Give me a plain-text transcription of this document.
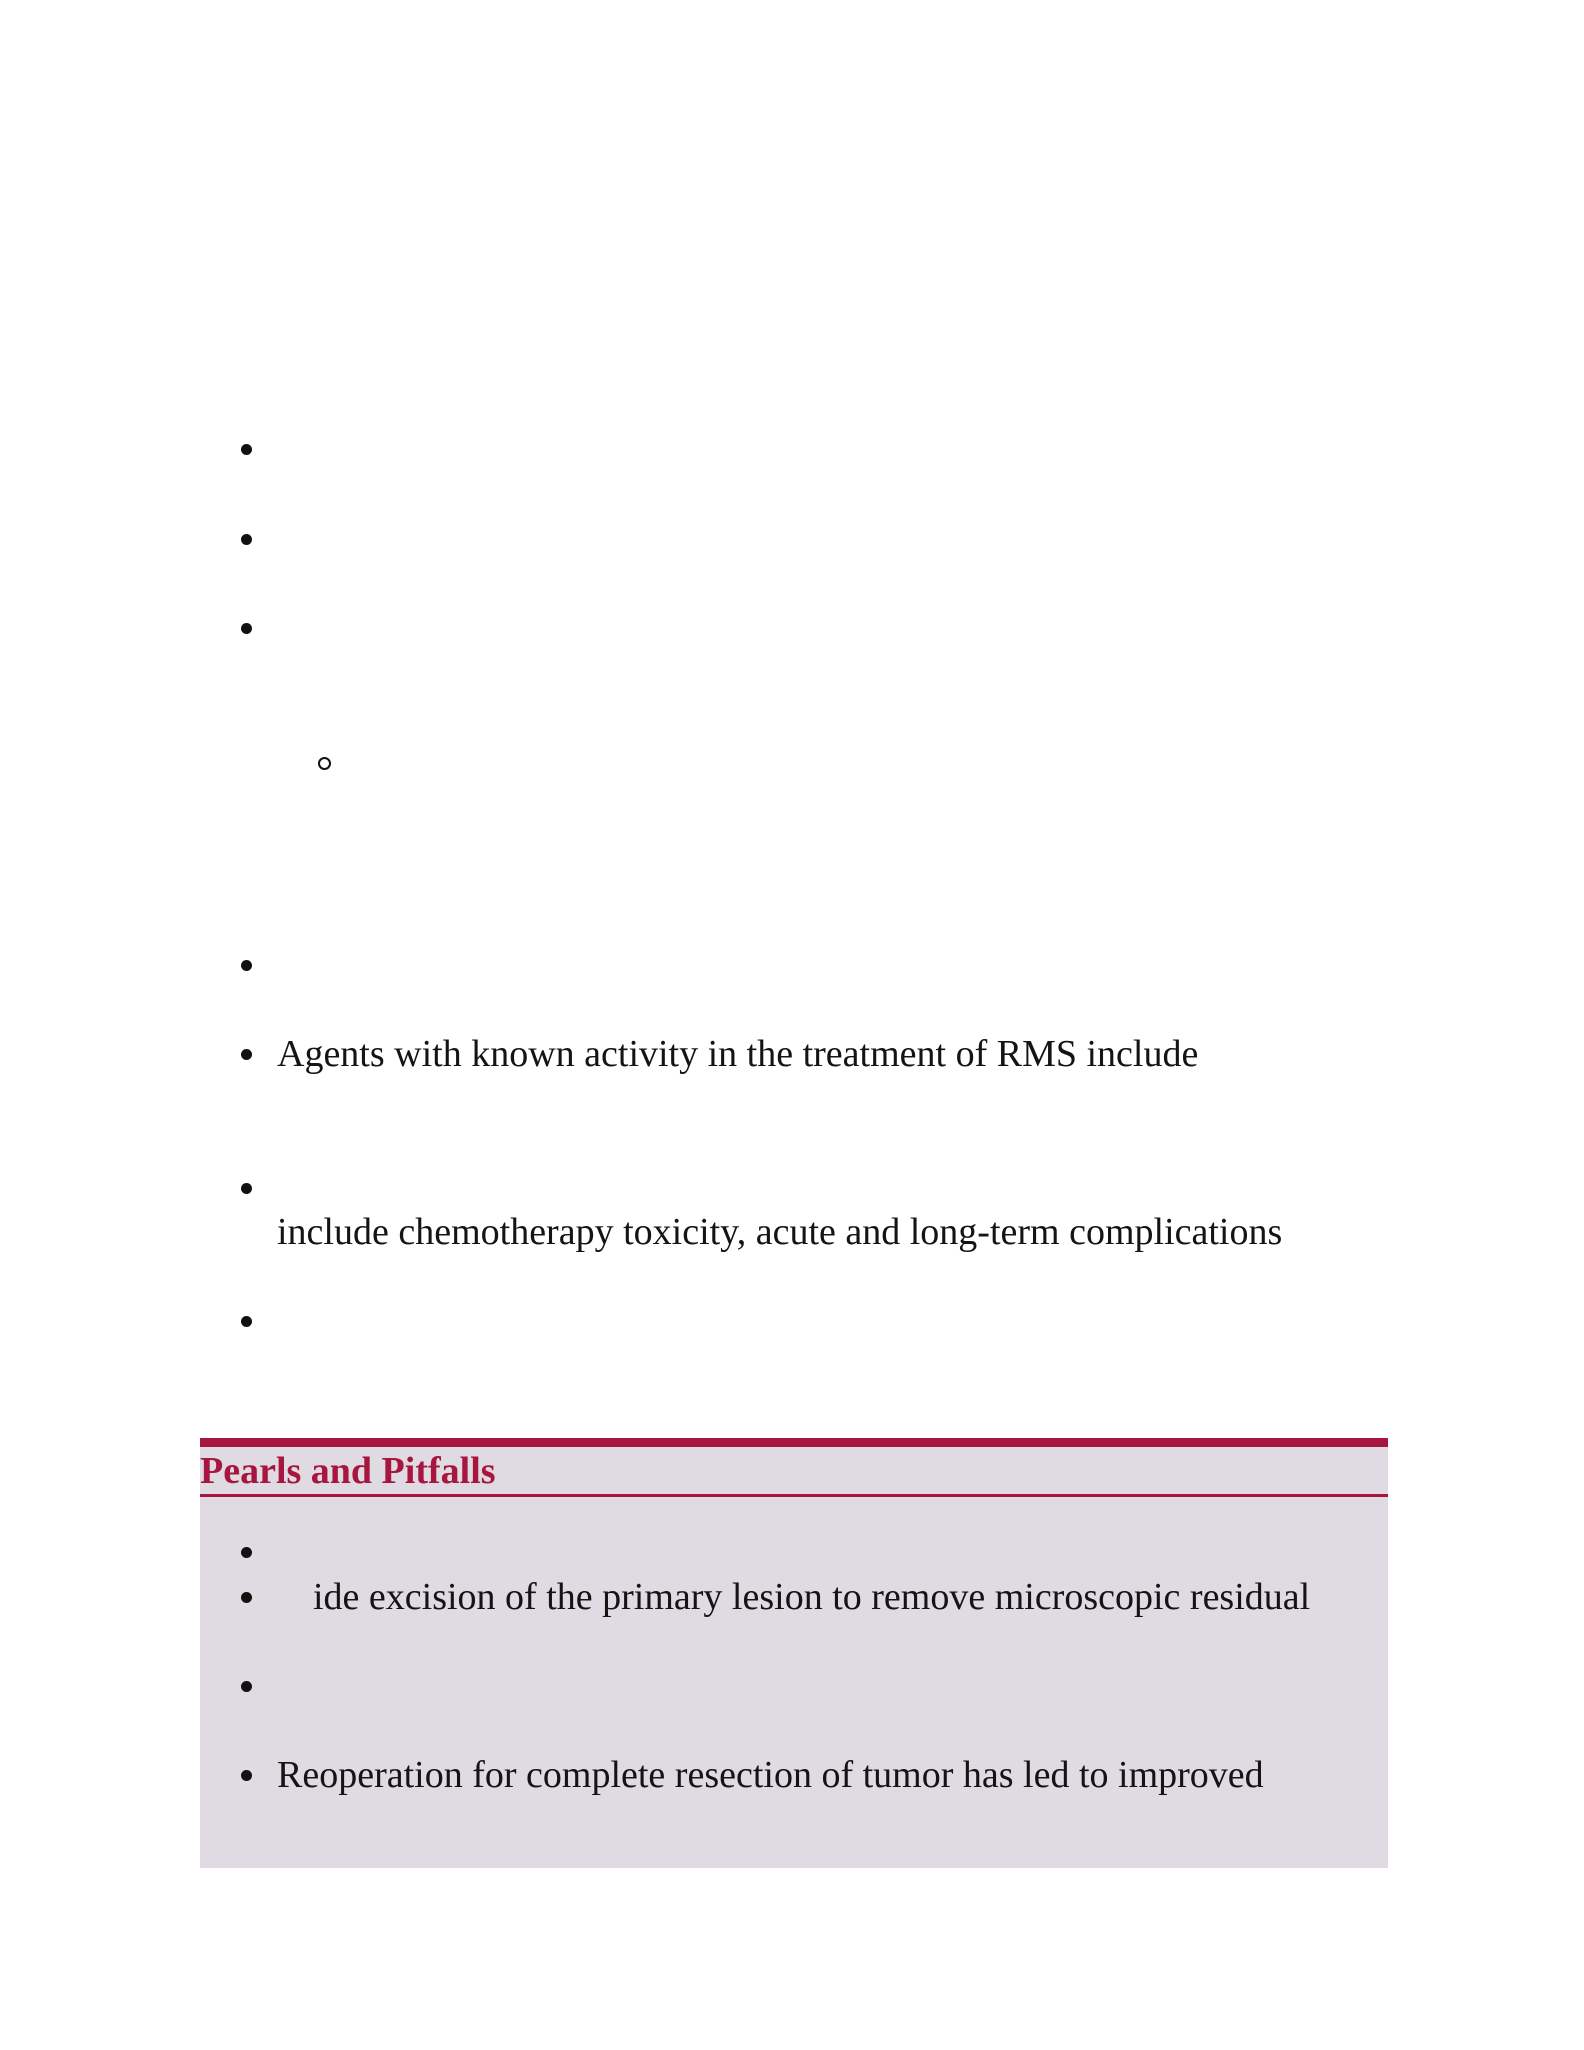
Agents with known activity in the treatment of RMS include
include chemotherapy toxicity, acute and long-term complications
Pearls and Pitfalls
ide excision of the primary lesion to remove microscopic residual
Reoperation for complete resection of tumor has led to improved
